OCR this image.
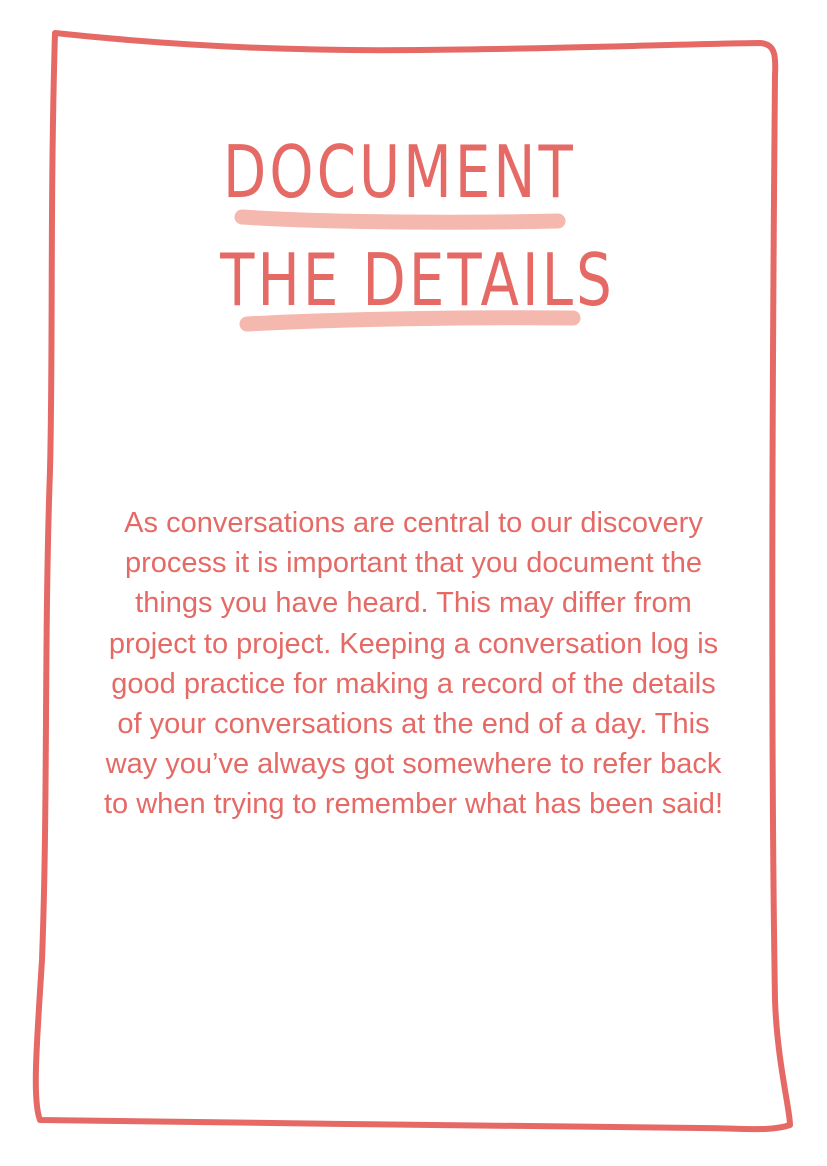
DOCUMENT
THE DETAILS

As conversations are central to our discovery process it is important that you document the things you have heard. This may differ from project to project. Keeping a conversation log is good practice for making a record of the details of your conversations at the end of a day. This way you’ve always got somewhere to refer back to when trying to remember what has been said!
